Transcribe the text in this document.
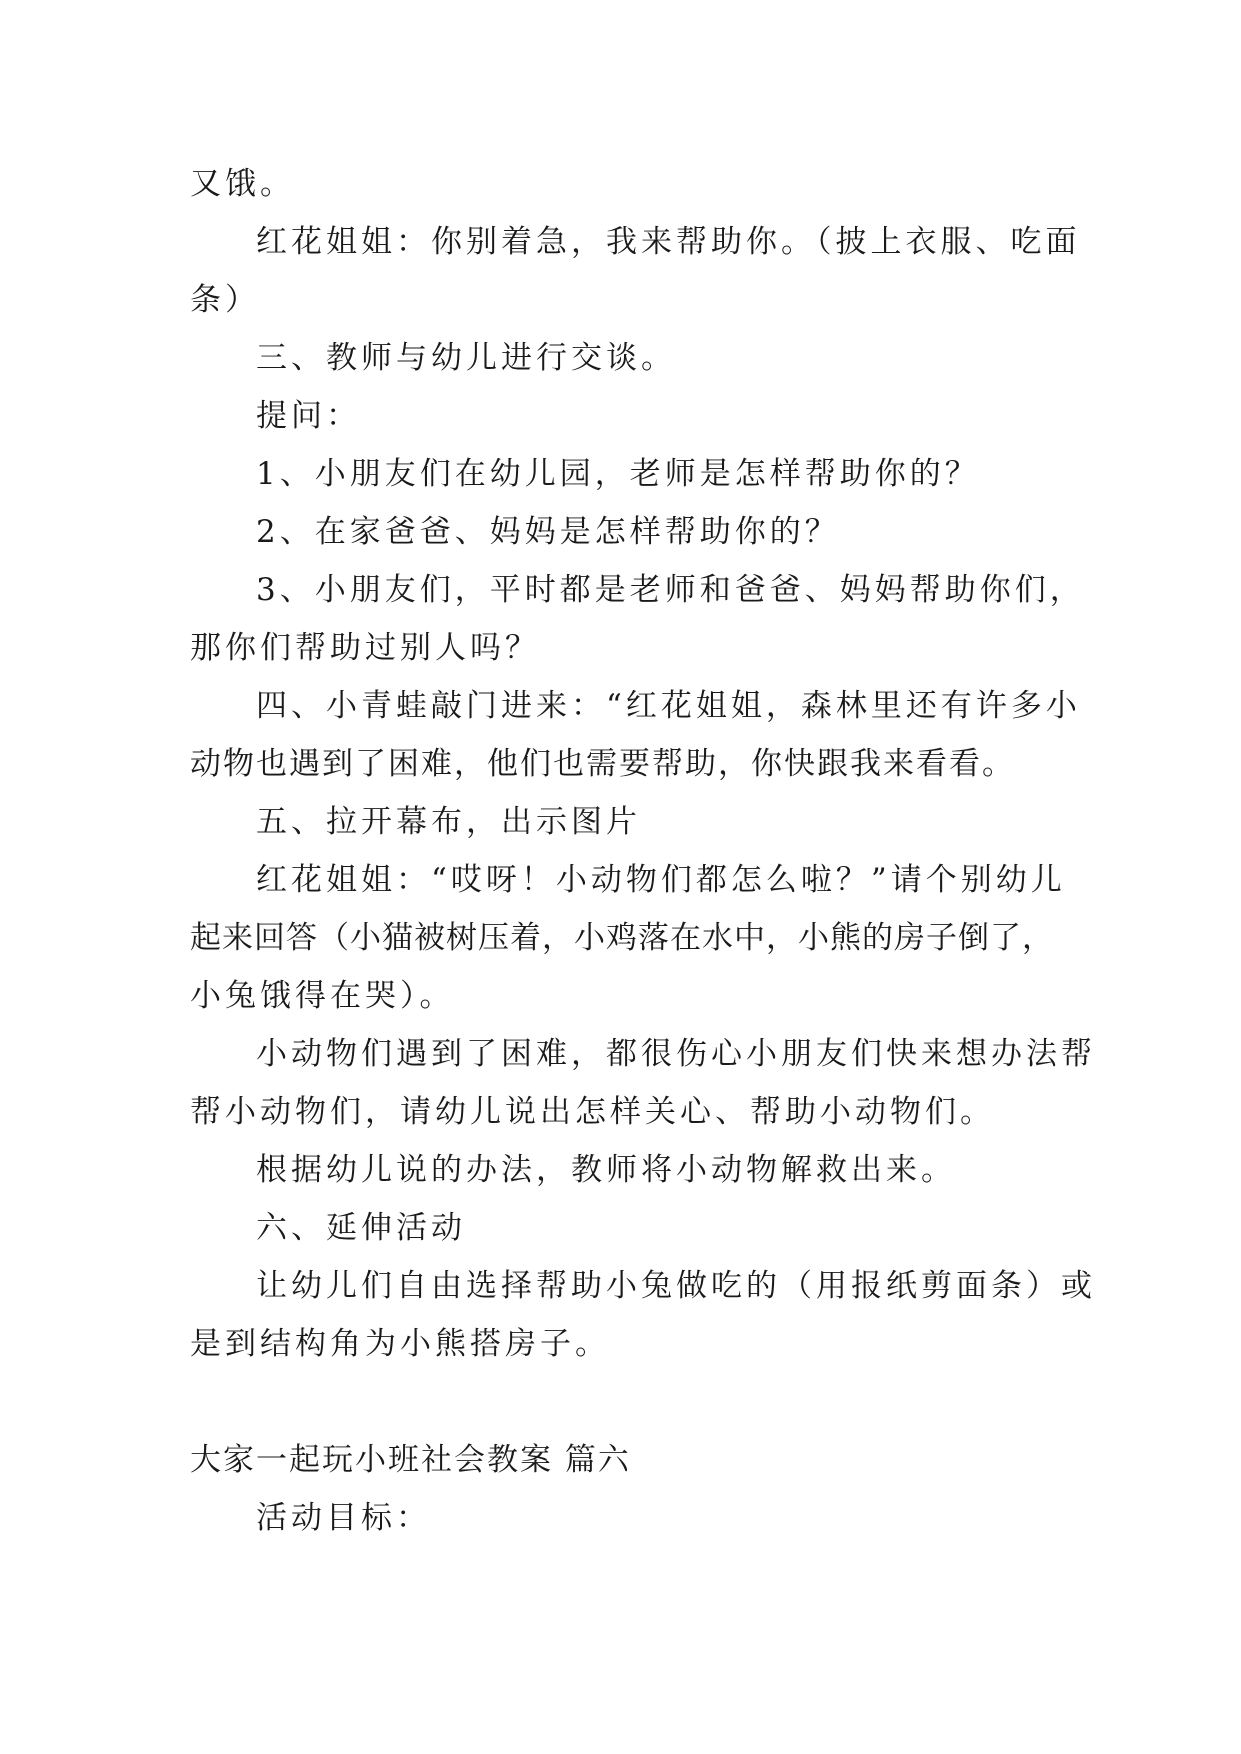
又饿。
红花姐姐：你别着急，我来帮助你。（披上衣服、吃面
条）
三、教师与幼儿进行交谈。
提问：
1、小朋友们在幼儿园，老师是怎样帮助你的？
2、在家爸爸、妈妈是怎样帮助你的？
3、小朋友们，平时都是老师和爸爸、妈妈帮助你们，
那你们帮助过别人吗？
四、小青蛙敲门进来：“红花姐姐，森林里还有许多小
动物也遇到了困难，他们也需要帮助，你快跟我来看看。
五、拉开幕布，出示图片
红花姐姐：“哎呀！小动物们都怎么啦？”请个别幼儿
起来回答（小猫被树压着，小鸡落在水中，小熊的房子倒了，
小兔饿得在哭）。
小动物们遇到了困难，都很伤心小朋友们快来想办法帮
帮小动物们，请幼儿说出怎样关心、帮助小动物们。
根据幼儿说的办法，教师将小动物解救出来。
六、延伸活动
让幼儿们自由选择帮助小兔做吃的（用报纸剪面条）或
是到结构角为小熊搭房子。
大家一起玩小班社会教案 篇六
活动目标：
